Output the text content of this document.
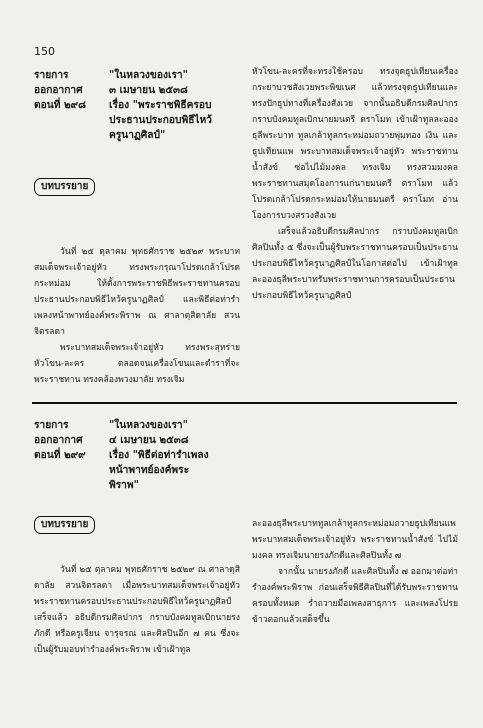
150
รายการ	"ในหลวงของเรา"
ออกอากาศ	๓ เมษายน ๒๕๓๘
ตอนที่ ๒๙๘	เรื่อง "พระราชพิธีครอบ
ประธานประกอบพิธีไหว้
ครูนาฏศิลป์"
บทบรรยาย

วันที่ ๒๕ ตุลาคม พุทธศักราช ๒๕๒๙ พระบาทสมเด็จพระเจ้าอยู่หัว ทรงพระกรุณาโปรดเกล้าโปรดกระหม่อม ให้ตั้งการพระราชพิธีพระราชทานครอบประธานประกอบพิธีไหว้ครูนาฏศิลป์ และพิธีต่อท่ารำเพลงหน้าพาทย์องค์พระพิราพ ณ ศาลาดุสิดาลัย สวนจิตรลดา

พระบาทสมเด็จพระเจ้าอยู่หัว ทรงพระสุหร่ายหัวโขน-ละคร ตลอดจนเครื่องโขนและดำราที่จะพระราชทาน ทรงคล้องพวงมาลัย ทรงเจิม

หัวโขน-ละครที่จะทรงใช้ครอบ ทรงจุดธูปเทียนเครื่องกระยาบวชสังเวยพระพิฆเนศ แล้วทรงจุดธูปเทียนและทรงปักธูปทางที่เครื่องสังเวย จากนั้นอธิบดีกรมศิลปากร กราบบังคมทูลเบิกนายมนตรี ตราโมท เข้าเฝ้าทูลละอองธุลีพระบาท ทูลเกล้าทูลกระหม่อมถวายพุ่มทอง เงิน และธูปเทียนแพ พระบาทสมเด็จพระเจ้าอยู่หัว พระราชทานน้ำสังข์ ซ่อไปไม้มงคล ทรงเจิม ทรงสวมมงคล พระราชทานสมุดโองการแก่นายมนตรี ตราโมท แล้วโปรดเกล้าโปรดกระหม่อมให้นายมนตรี ตราโมท อ่านโองการบวงสรวงสังเวย

เสร็จแล้วอธิบดีกรมศิลปากร กราบบังคมทูลเบิกศิลปินทั้ง ๕ ซึ่งจะเป็นผู้รับพระราชทานครอบเป็นประธานประกอบพิธีไหว้ครูนาฏศิลป์ในโอกาสต่อไป เข้าเฝ้าทูลละอองธุลีพระบาทรับพระราชทานการครอบเป็นประธานประกอบพิธีไหว้ครูนาฏศิลป์

รายการ	"ในหลวงของเรา"
ออกอากาศ	๔ เมษายน ๒๕๓๘
ตอนที่ ๒๙๙	เรื่อง "พิธีต่อท่ารำเพลง
หน้าพาทย์องค์พระ
พิราพ"
บทบรรยาย

วันที่ ๒๕ ตุลาคม พุทธศักราช ๒๕๒๙ ณ ศาลาดุสิดาลัย สวนจิตรลดา เมื่อพระบาทสมเด็จพระเจ้าอยู่หัว พระราชทานครอบประธานประกอบพิธีไหว้ครูนาฏศิลป์เสร็จแล้ว อธิบดีกรมศิลปากร กราบบังคมทูลเบิกนายรงภักดี หรือครูเจียน จารุจรณ และศิลปินอีก ๗ คน ซึ่งจะเป็นผู้รับมอบท่ารำองค์พระพิราพ เข้าเฝ้าทูล

ละอองธุลีพระบาททูลเกล้าทูลกระหม่อมถวายธูปเทียนแพ พระบาทสมเด็จพระเจ้าอยู่หัว พระราชทานน้ำสังข์ ไปไม้มงคล ทรงเจิมนายรงภักดีและศิลปินทั้ง ๗

จากนั้น นายรงภักดี และศิลปินทั้ง ๗ ออกมาต่อท่ารำองค์พระพิราพ ก่อนเสร็จพิธีศิลปินที่ได้รับพระราชทานครอบทั้งหมด ร่ำถวายมือเพลงสาธุการ และเพลงโปรยข้าวตอกแล้วเสด็จขึ้น
